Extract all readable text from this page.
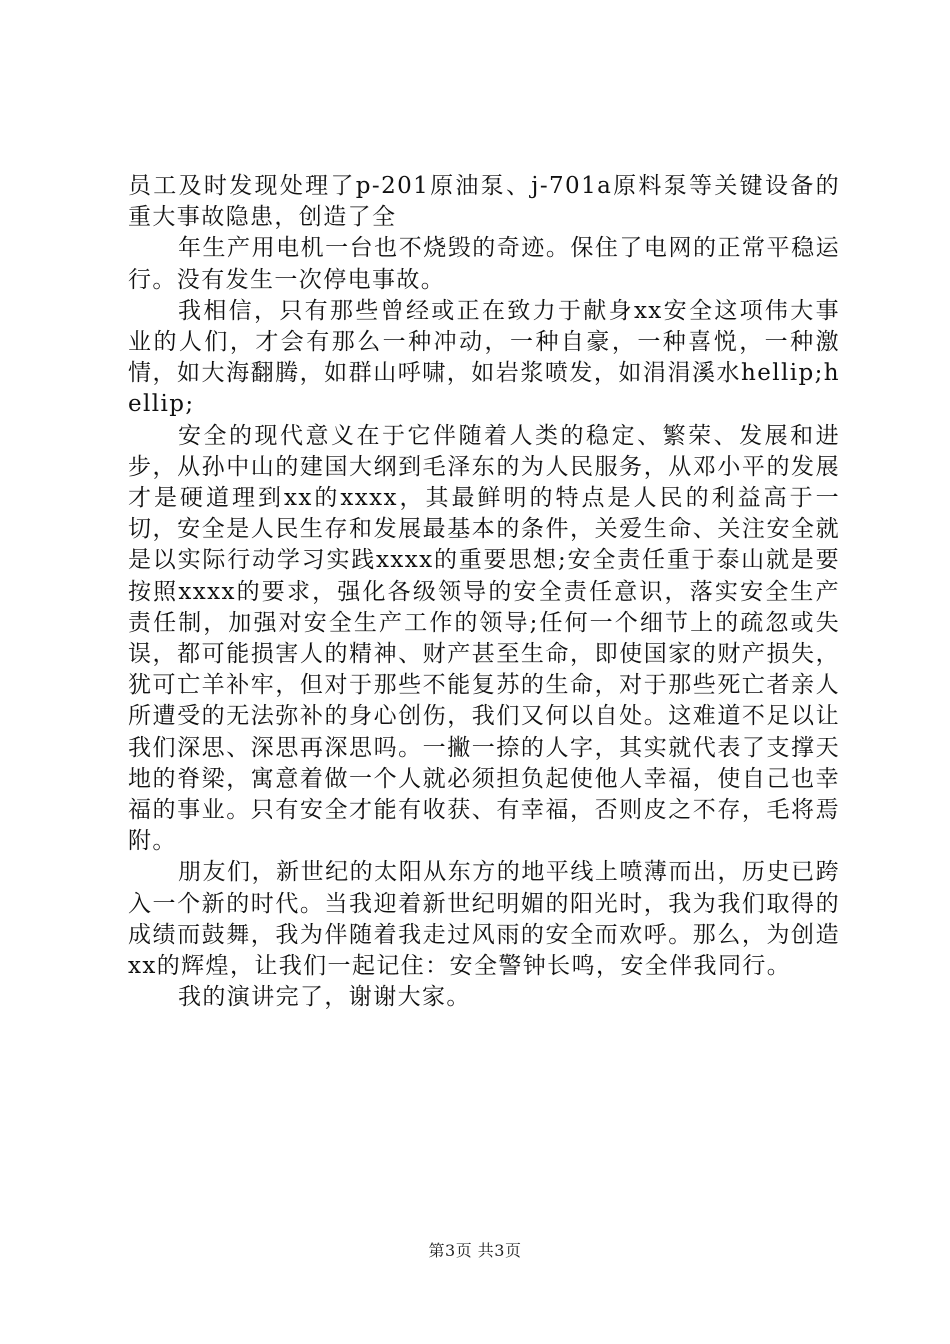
员工及时发现处理了p-201原油泵、j-701a原料泵等关键设备的重大事故隐患，创造了全

年生产用电机一台也不烧毁的奇迹。保住了电网的正常平稳运行。没有发生一次停电事故。

我相信，只有那些曾经或正在致力于献身xx安全这项伟大事业的人们，才会有那么一种冲动，一种自豪，一种喜悦，一种激情，如大海翻腾，如群山呼啸，如岩浆喷发，如涓涓溪水hellip;hellip;

安全的现代意义在于它伴随着人类的稳定、繁荣、发展和进步，从孙中山的建国大纲到毛泽东的为人民服务，从邓小平的发展才是硬道理到xx的xxxx，其最鲜明的特点是人民的利益高于一切，安全是人民生存和发展最基本的条件，关爱生命、关注安全就是以实际行动学习实践xxxx的重要思想;安全责任重于泰山就是要按照xxxx的要求，强化各级领导的安全责任意识，落实安全生产责任制，加强对安全生产工作的领导;任何一个细节上的疏忽或失误，都可能损害人的精神、财产甚至生命，即使国家的财产损失，犹可亡羊补牢，但对于那些不能复苏的生命，对于那些死亡者亲人所遭受的无法弥补的身心创伤，我们又何以自处。这难道不足以让我们深思、深思再深思吗。一撇一捺的人字，其实就代表了支撑天地的脊梁，寓意着做一个人就必须担负起使他人幸福，使自己也幸福的事业。只有安全才能有收获、有幸福，否则皮之不存，毛将焉附。

朋友们，新世纪的太阳从东方的地平线上喷薄而出，历史已跨入一个新的时代。当我迎着新世纪明媚的阳光时，我为我们取得的成绩而鼓舞，我为伴随着我走过风雨的安全而欢呼。那么，为创造xx的辉煌，让我们一起记住：安全警钟长鸣，安全伴我同行。

我的演讲完了，谢谢大家。

第3页 共3页
